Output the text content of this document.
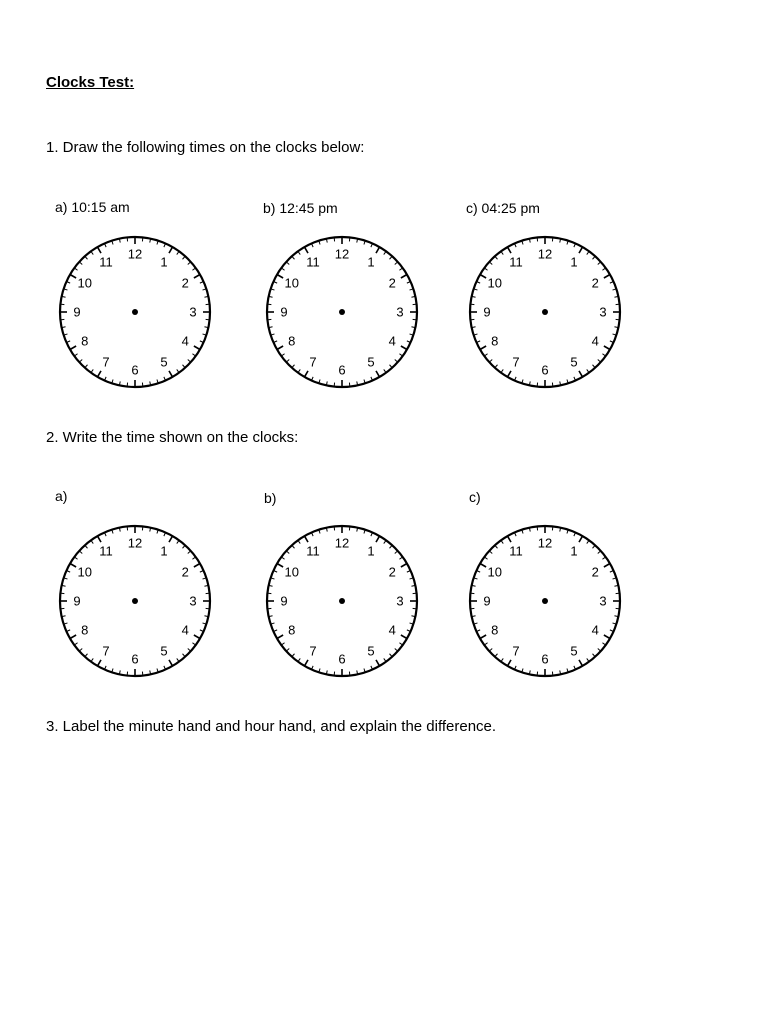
Clocks Test:

1. Draw the following times on the clocks below:

a) 10:15 am	b) 12:45 pm	c) 04:25 pm
12
1
2
3
4
5
6
7
8
9
10
11
12
1
2
3
4
5
6
7
8
9
10
11
12
1
2
3
4
5
6
7
8
9
10
11

2. Write the time shown on the clocks:

a)	b)	c)
12
1
2
3
4
5
6
7
8
9
10
11
12
1
2
3
4
5
6
7
8
9
10
11
12
1
2
3
4
5
6
7
8
9
10
11

3. Label the minute hand and hour hand, and explain the difference.
